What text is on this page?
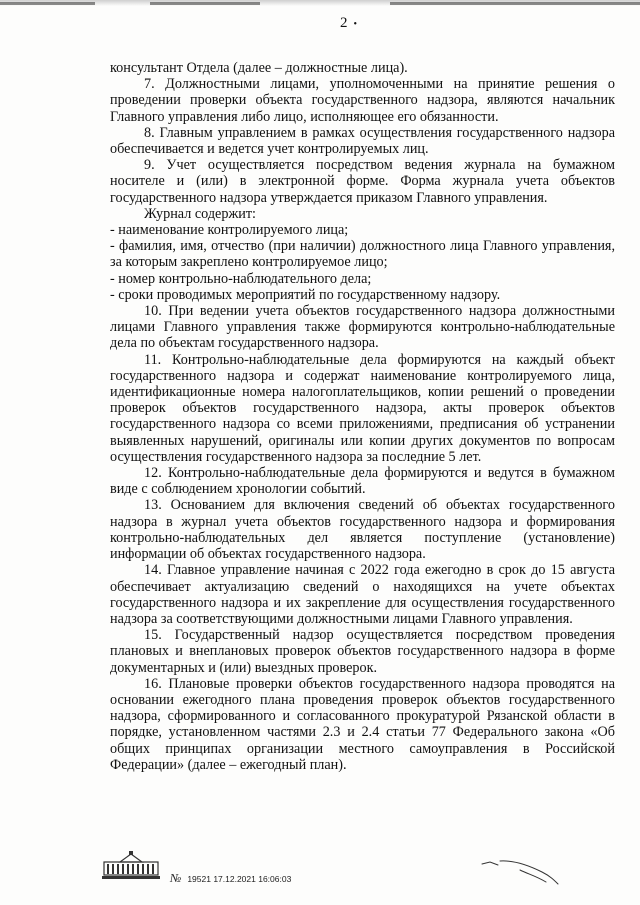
2 •

консультант Отдела (далее – должностные лица).

7. Должностными лицами, уполномоченными на принятие решения о проведении проверки объекта государственного надзора, являются начальник Главного управления либо лицо, исполняющее его обязанности.

8. Главным управлением в рамках осуществления государственного надзора обеспечивается и ведется учет контролируемых лиц.

9. Учет осуществляется посредством ведения журнала на бумажном носителе и (или) в электронной форме. Форма журнала учета объектов государственного надзора утверждается приказом Главного управления.

Журнал содержит:

- наименование контролируемого лица;

- фамилия, имя, отчество (при наличии) должностного лица Главного управления, за которым закреплено контролируемое лицо;

- номер контрольно-наблюдательного дела;

- сроки проводимых мероприятий по государственному надзору.

10. При ведении учета объектов государственного надзора должностными лицами Главного управления также формируются контрольно-наблюдательные дела по объектам государственного надзора.

11. Контрольно-наблюдательные дела формируются на каждый объект государственного надзора и содержат наименование контролируемого лица, идентификационные номера налогоплательщиков, копии решений о проведении проверок объектов государственного надзора, акты проверок объектов государственного надзора со всеми приложениями, предписания об устранении выявленных нарушений, оригиналы или копии других документов по вопросам осуществления государственного надзора за последние 5 лет.

12. Контрольно-наблюдательные дела формируются и ведутся в бумажном виде с соблюдением хронологии событий.

13. Основанием для включения сведений об объектах государственного надзора в журнал учета объектов государственного надзора и формирования контрольно-наблюдательных дел является поступление (установление) информации об объектах государственного надзора.

14. Главное управление начиная с 2022 года ежегодно в срок до 15 августа обеспечивает актуализацию сведений о находящихся на учете объектах государственного надзора и их закрепление для осуществления государственного надзора за соответствующими должностными лицами Главного управления.

15. Государственный надзор осуществляется посредством проведения плановых и внеплановых проверок объектов государственного надзора в форме документарных и (или) выездных проверок.

16. Плановые проверки объектов государственного надзора проводятся на основании ежегодного плана проведения проверок объектов государственного надзора, сформированного и согласованного прокуратурой Рязанской области в порядке, установленном частями 2.3 и 2.4 статьи 77 Федерального закона «Об общих принципах организации местного самоуправления в Российской Федерации» (далее – ежегодный план).

№ 19521 17.12.2021 16:06:03
